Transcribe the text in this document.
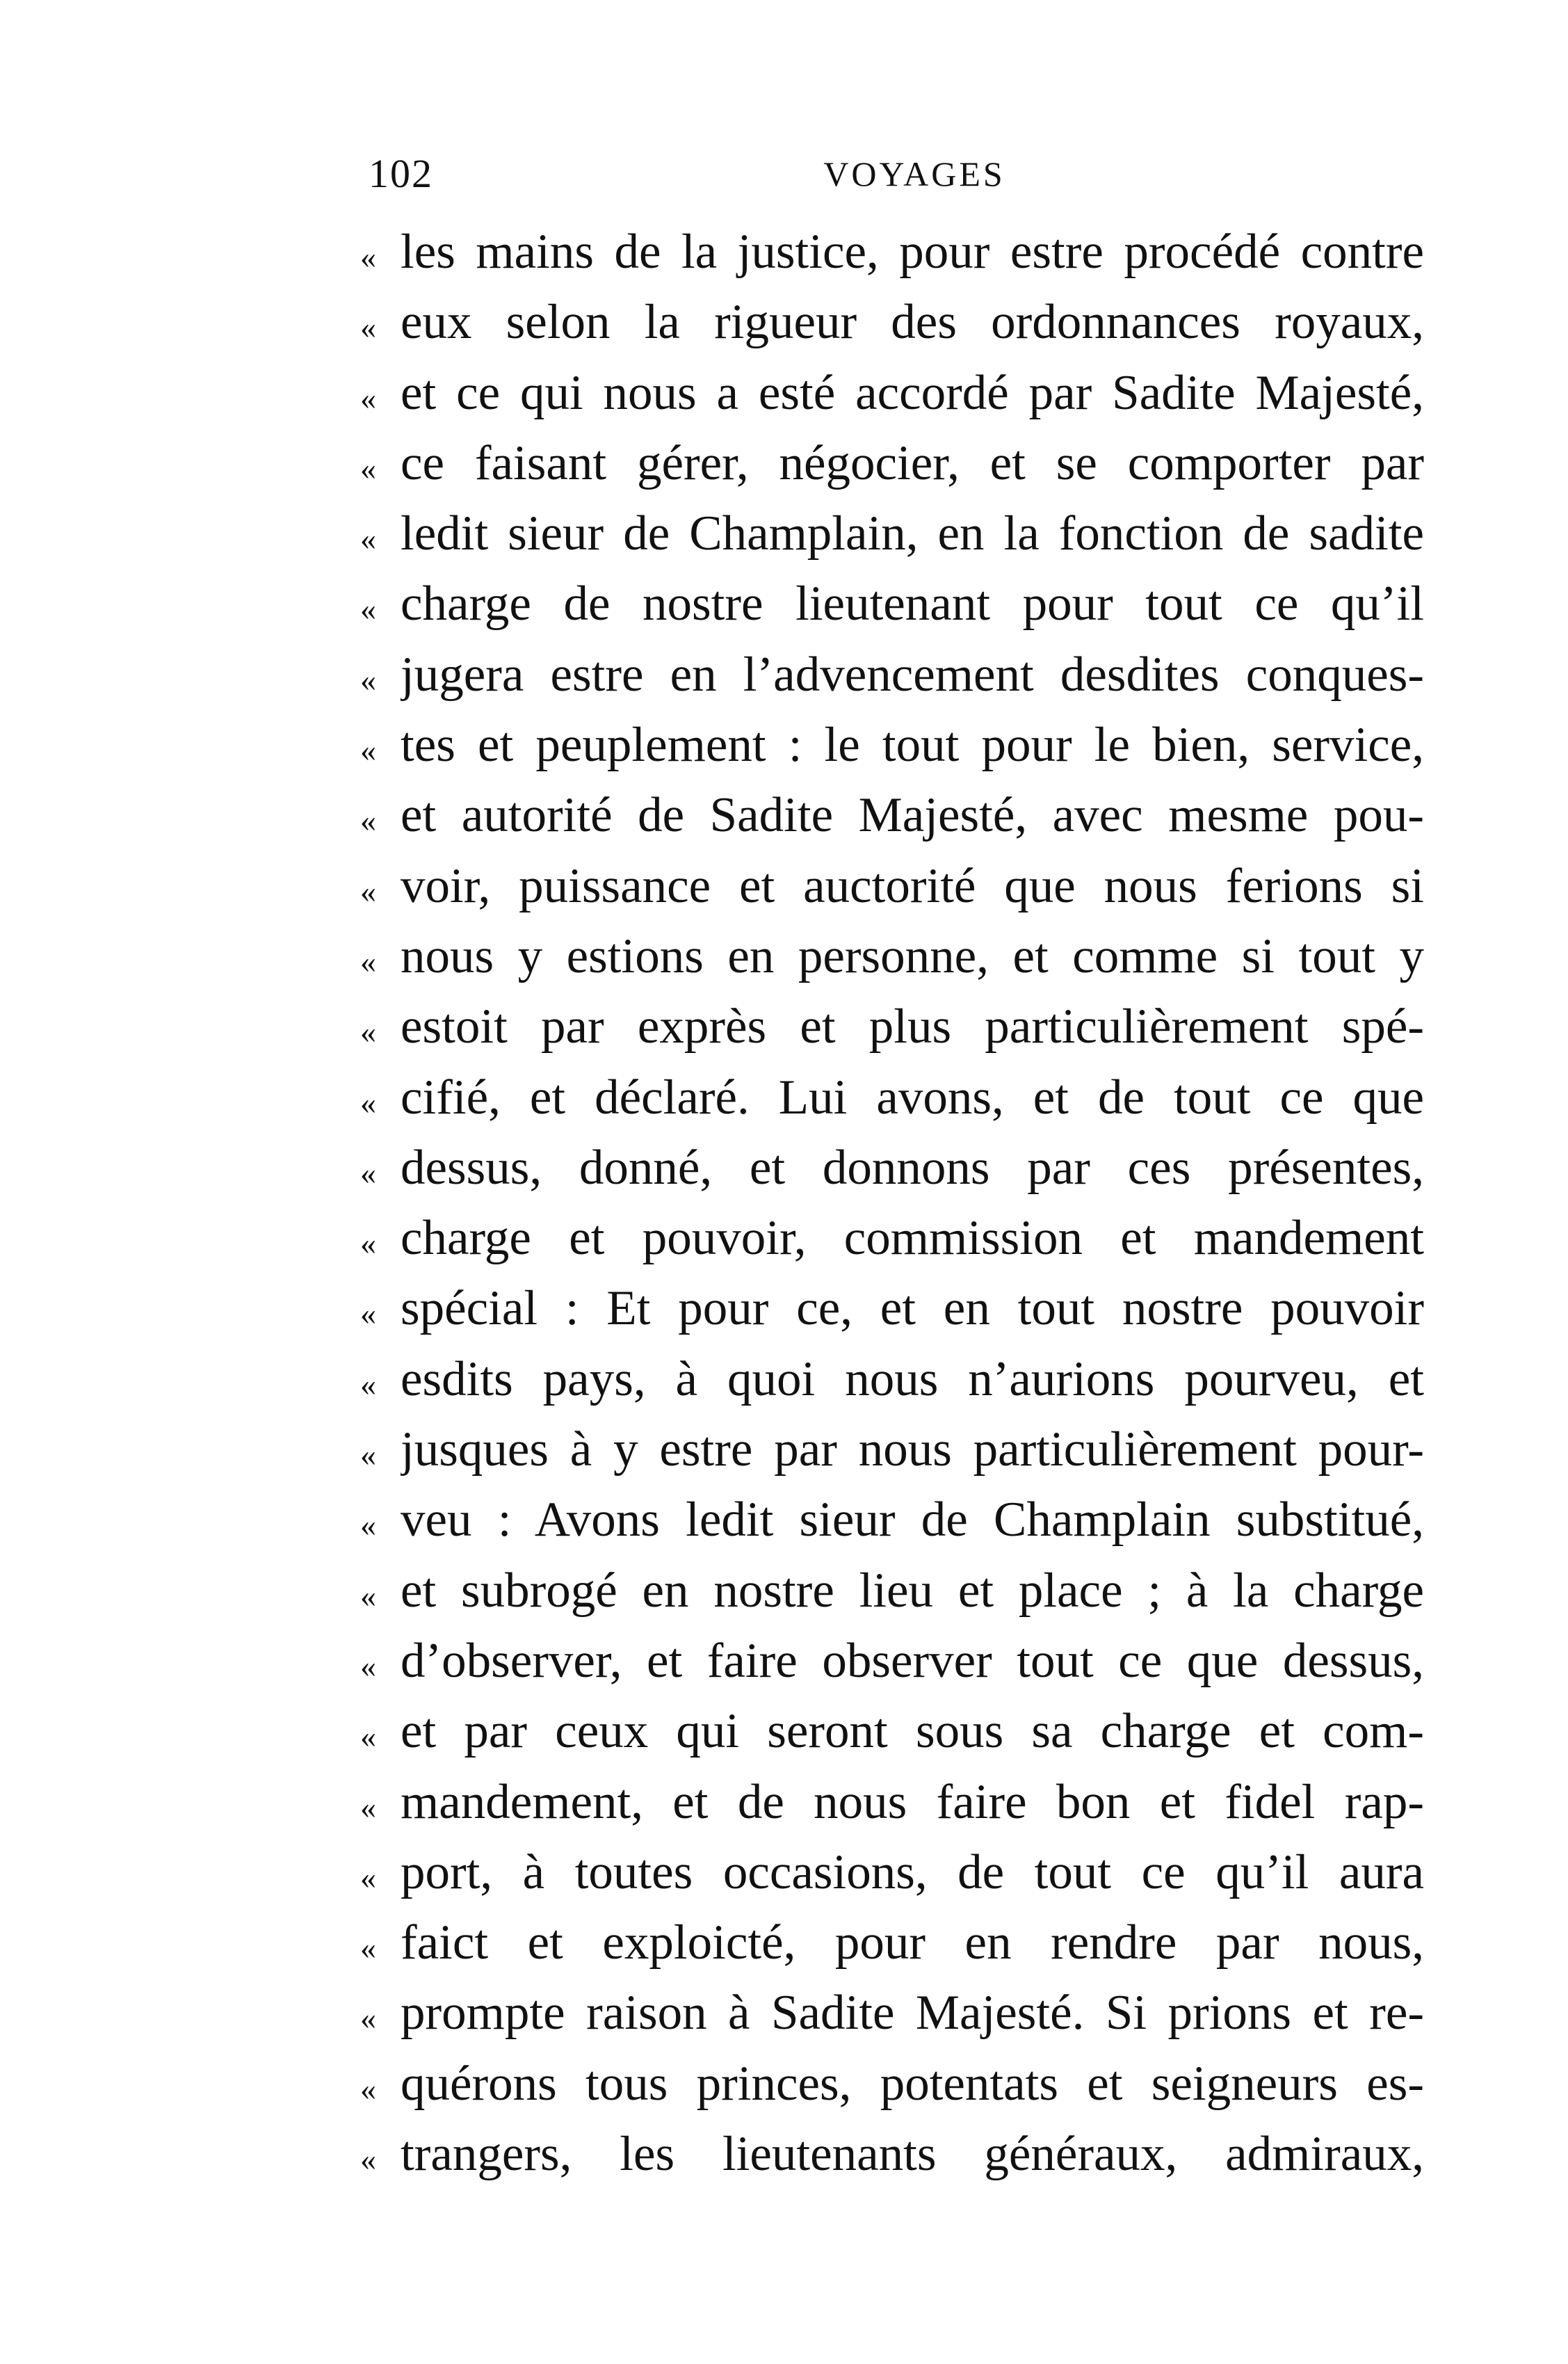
102	VOYAGES
« les mains de la justice, pour estre procédé contre
« eux selon la rigueur des ordonnances royaux,
« et ce qui nous a esté accordé par Sadite Majesté,
« ce faisant gérer, négocier, et se comporter par
« ledit sieur de Champlain, en la fonction de sadite
« charge de nostre lieutenant pour tout ce qu’il
« jugera estre en l’advencement desdites conques-
« tes et peuplement : le tout pour le bien, service,
« et autorité de Sadite Majesté, avec mesme pou-
« voir, puissance et auctorité que nous ferions si
« nous y estions en personne, et comme si tout y
« estoit par exprès et plus particulièrement spé-
« cifié, et déclaré. Lui avons, et de tout ce que
« dessus, donné, et donnons par ces présentes,
« charge et pouvoir, commission et mandement
« spécial : Et pour ce, et en tout nostre pouvoir
« esdits pays, à quoi nous n’aurions pourveu, et
« jusques à y estre par nous particulièrement pour-
« veu : Avons ledit sieur de Champlain substitué,
« et subrogé en nostre lieu et place ; à la charge
« d’observer, et faire observer tout ce que dessus,
« et par ceux qui seront sous sa charge et com-
« mandement, et de nous faire bon et fidel rap-
« port, à toutes occasions, de tout ce qu’il aura
« faict et exploicté, pour en rendre par nous,
« prompte raison à Sadite Majesté. Si prions et re-
« quérons tous princes, potentats et seigneurs es-
« trangers, les lieutenants généraux, admiraux,
